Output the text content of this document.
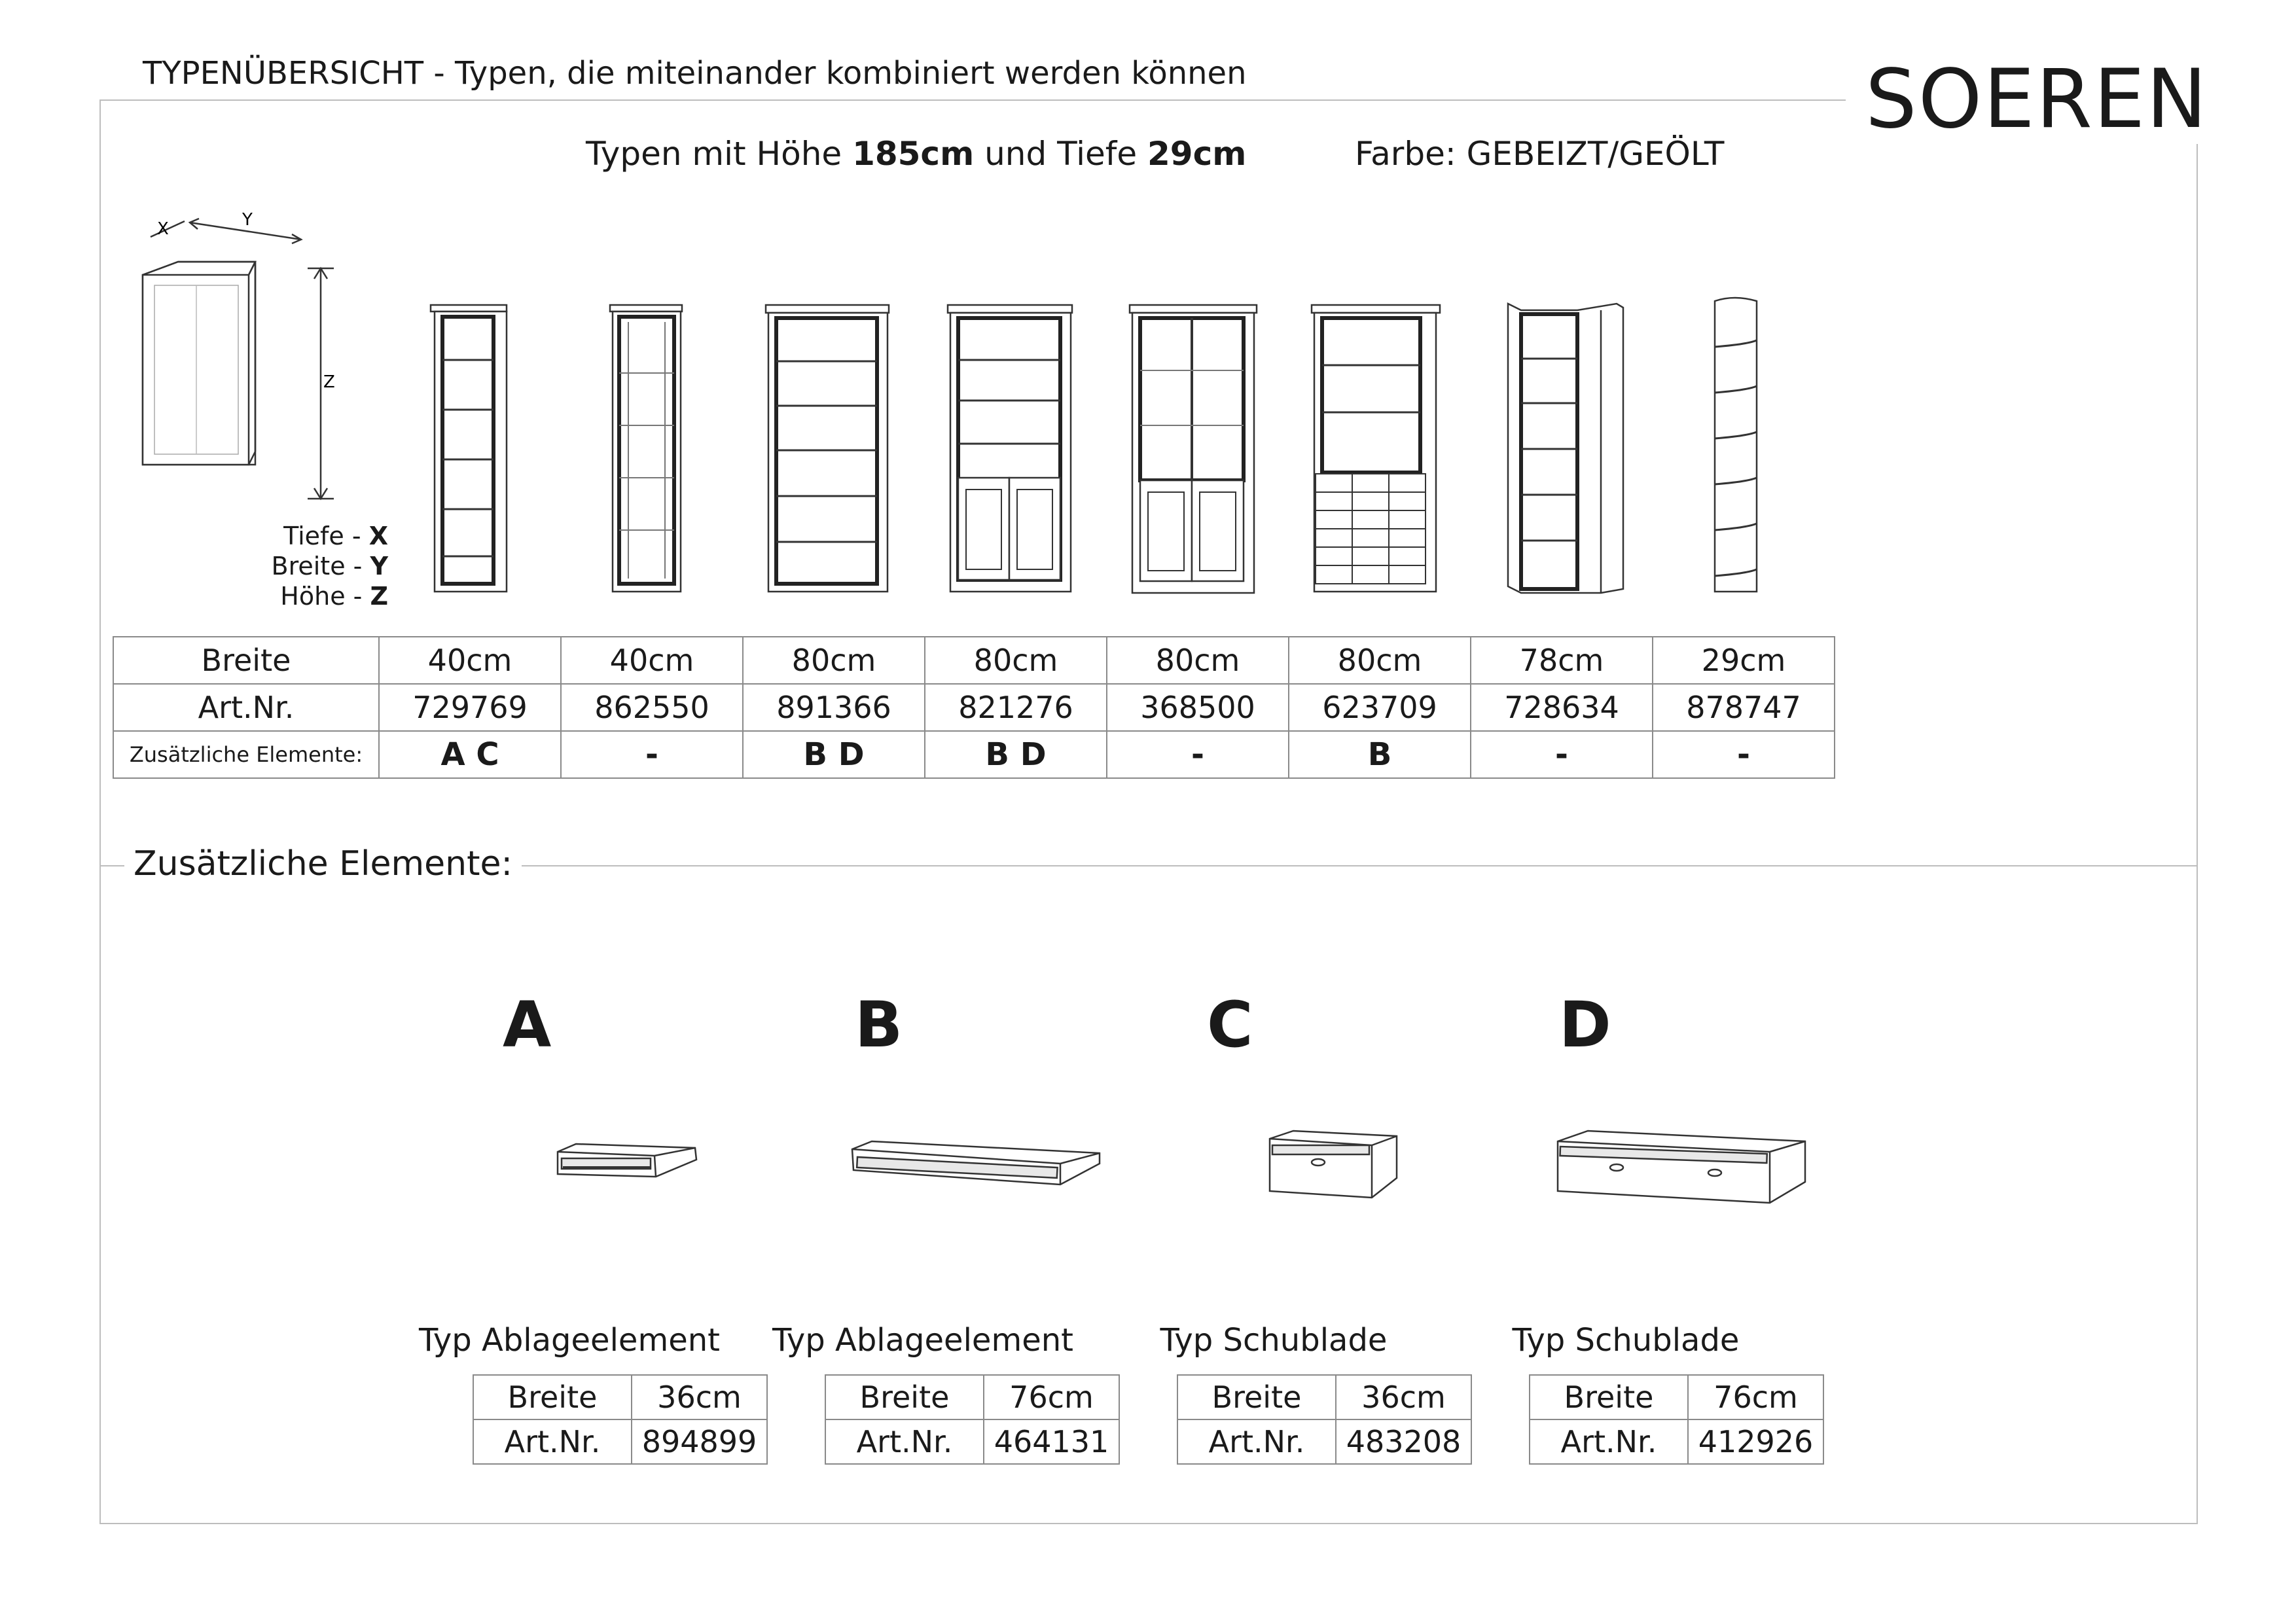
TYPENÜBERSICHT - Typen, die miteinander kombiniert werden können	SOEREN
Typen mit Höhe 185cm und Tiefe 29cm	Farbe: GEBEIZT/GEÖLT
X	Y
Z
Tiefe - X
Breite - Y
Höhe - Z
Breite	40cm	40cm	80cm	80cm	80cm	80cm	78cm	29cm
Art.Nr.	729769	862550	891366	821276	368500	623709	728634	878747
Zusätzliche Elemente:	A C	-	B D	B D	-	B	-	-
Zusätzliche Elemente:
A	B	C	D
Typ Ablageelement Typ Ablageelement	Typ Schublade	Typ Schublade
Breite	36cm
Art.Nr.	894899
Breite	76cm
Art.Nr.	464131
Breite	36cm
Art.Nr.	483208
Breite	76cm
Art.Nr.	412926
